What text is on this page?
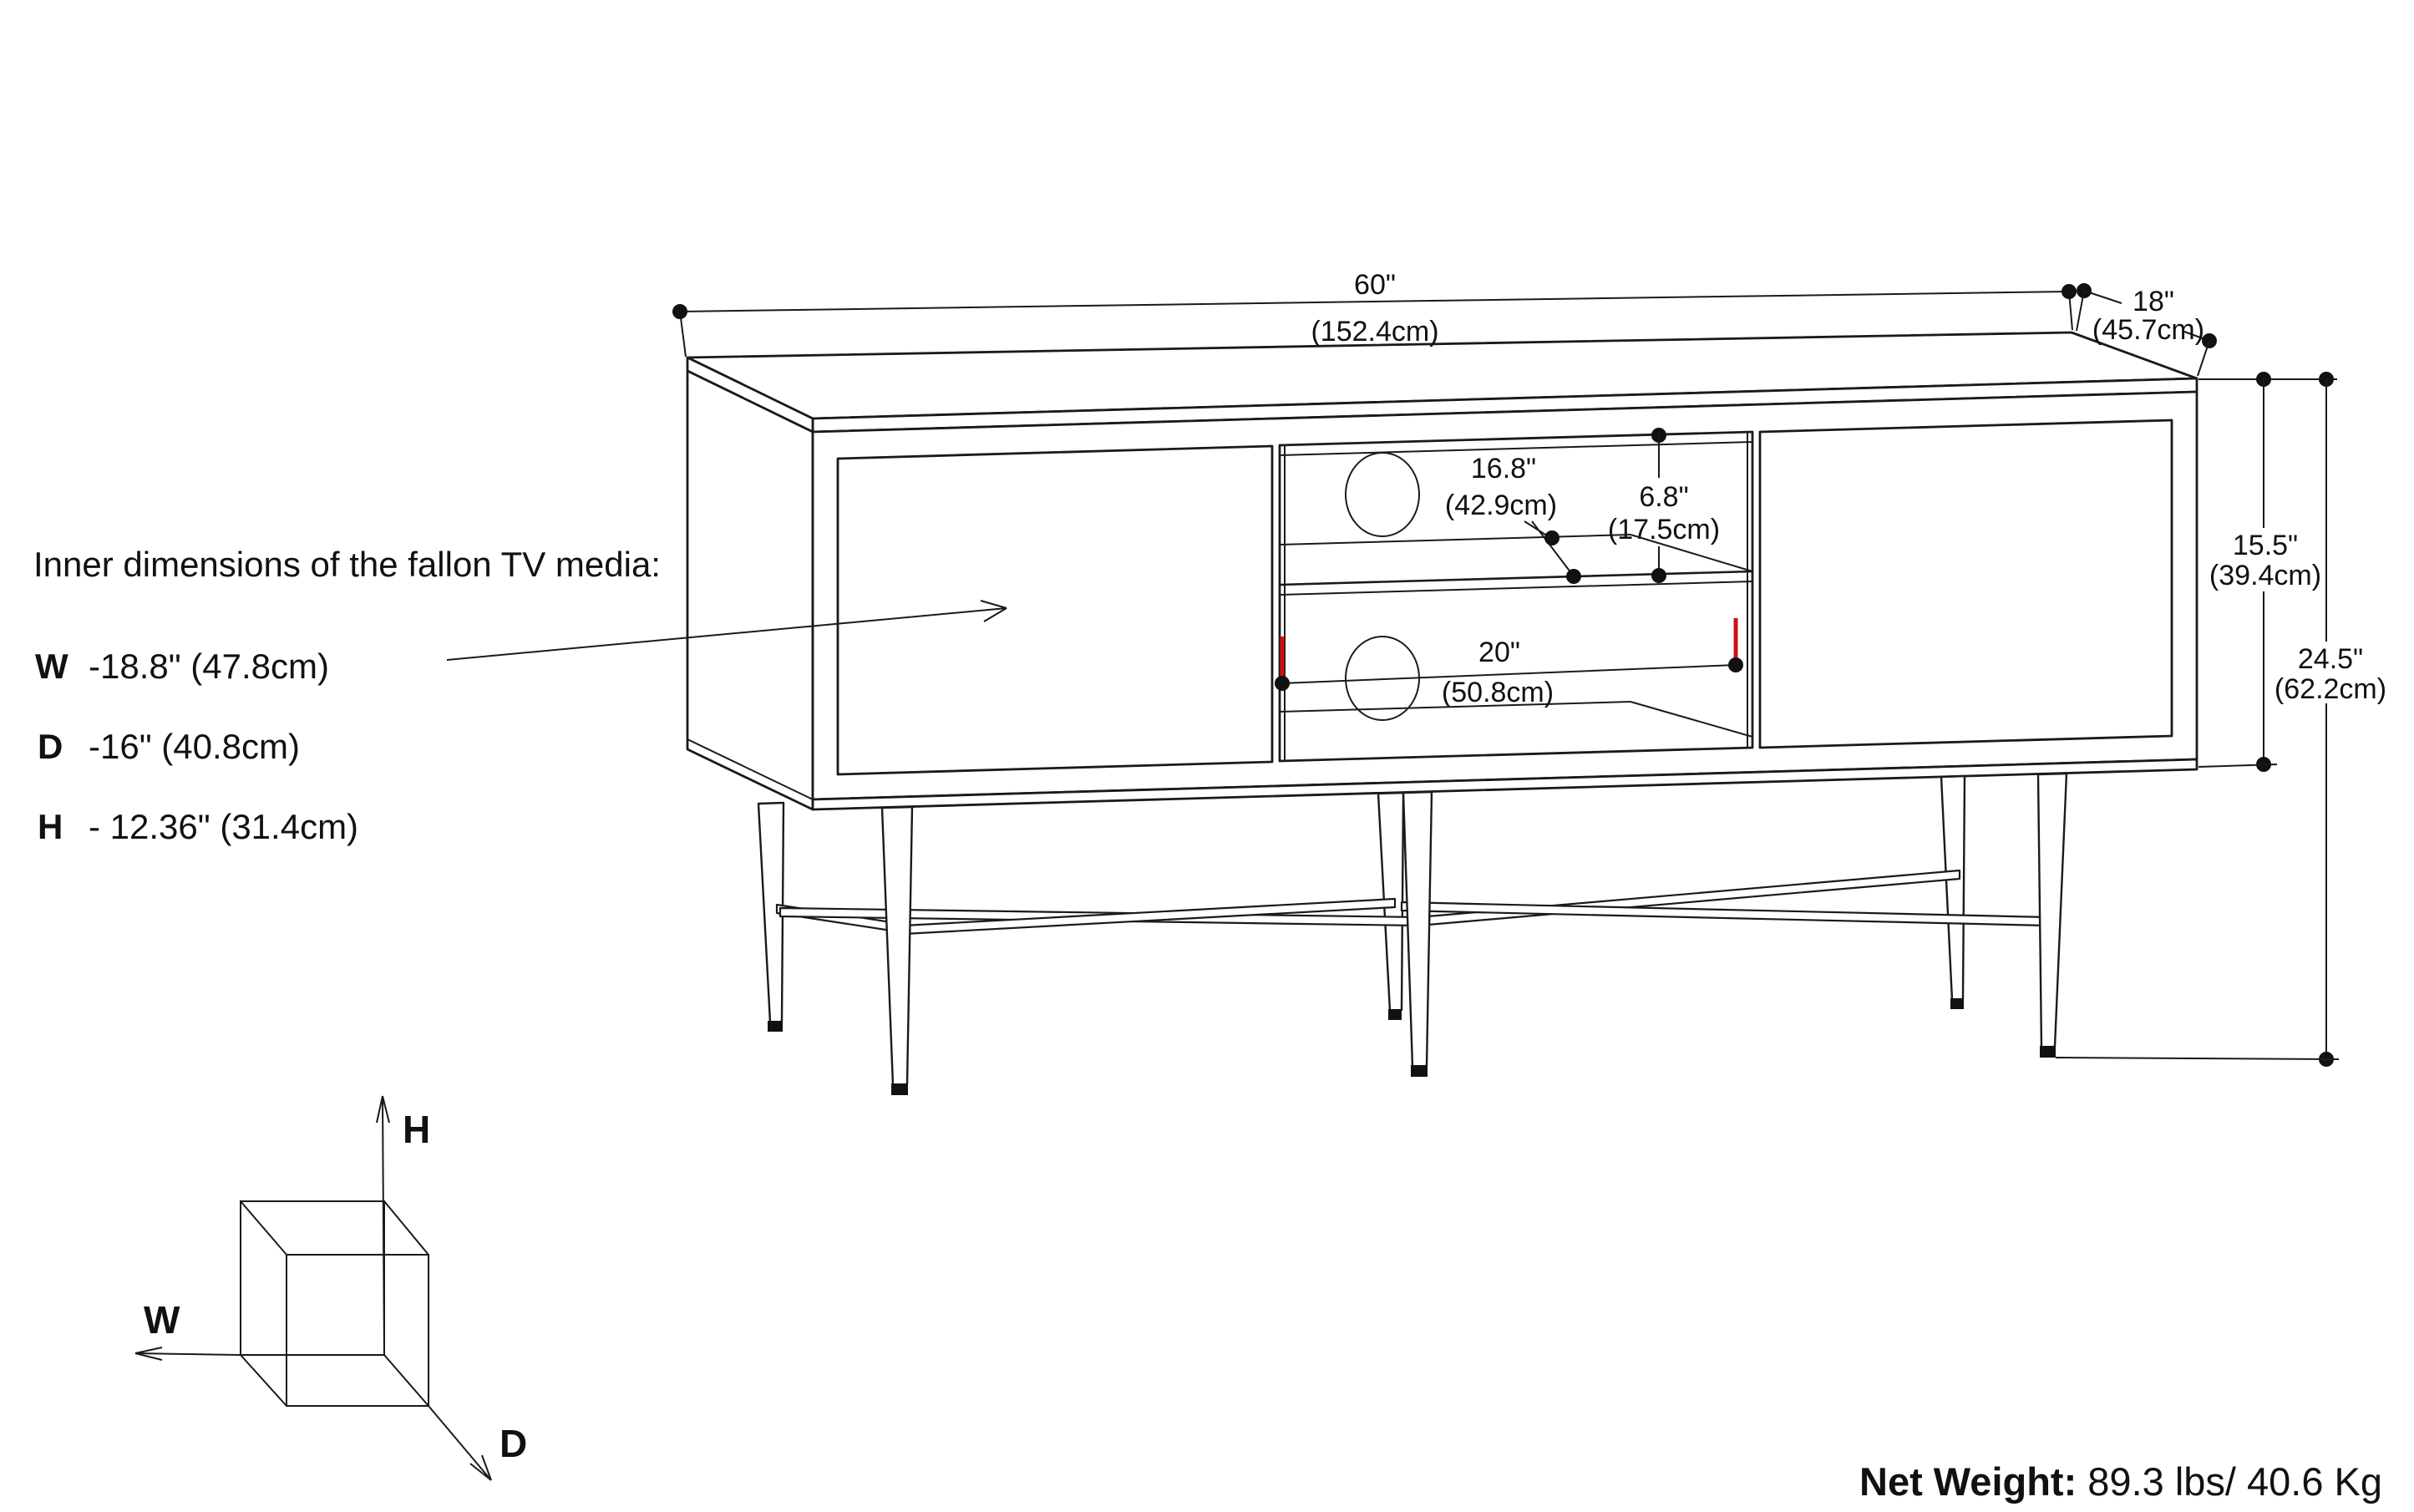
60"
(152.4cm)
18"
(45.7cm)
15.5"
(39.4cm)
24.5"
(62.2cm)
6.8"
(17.5cm)
16.8"
(42.9cm)
20"
(50.8cm)
Inner dimensions of the fallon TV media:
W -18.8" (47.8cm)
D -16" (40.8cm)
H - 12.36" (31.4cm)
H
W
D
Net Weight: 89.3 lbs/ 40.6 Kg
